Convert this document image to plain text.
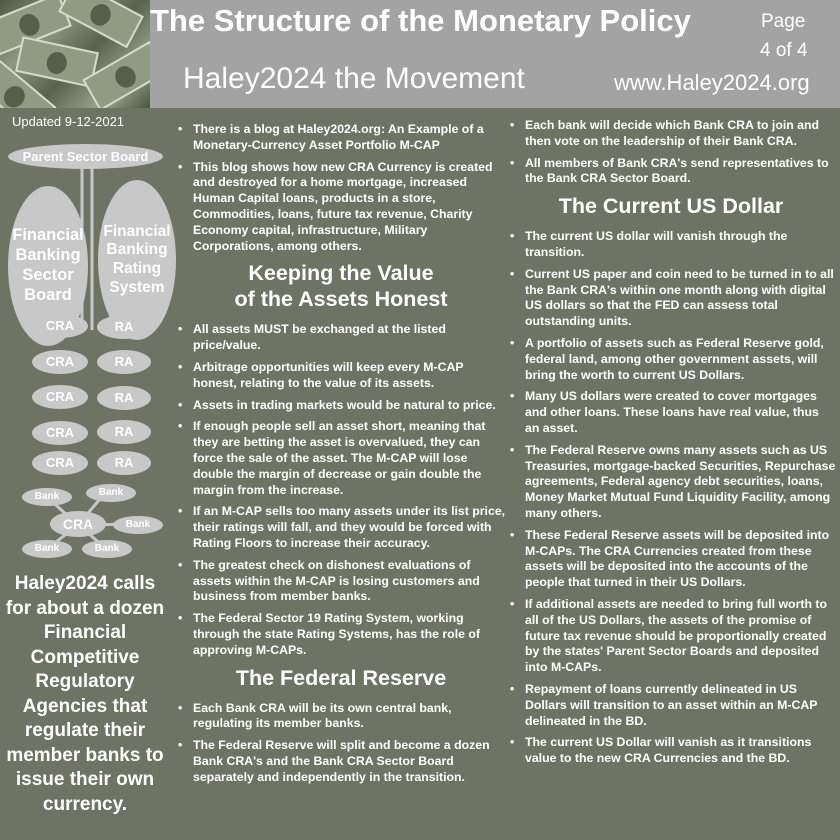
The Structure of the Monetary Policy	Page
4 of 4
Haley2024 the Movement	www.Haley2024.org
Updated 9-12-2021
Parent Sector Board
Financial
Banking
Sector
Board
Financial
Banking
Rating
System
CRA	RA
CRA	RA
CRA	RA
CRA	RA
CRA	RA
CRA
Bank	Bank
Bank
Bank	Bank
Haley2024 calls for about a dozen Financial Competitive Regulatory Agencies that regulate their member banks to issue their own currency.
• There is a blog at Haley2024.org: An Example of a Monetary-Currency Asset Portfolio M-CAP
• This blog shows how new CRA Currency is created and destroyed for a home mortgage, increased Human Capital loans, products in a store, Commodities, loans, future tax revenue, Charity Economy capital, infrastructure, Military Corporations, among others.
Keeping the Value
of the Assets Honest
• All assets MUST be exchanged at the listed price/value.
• Arbitrage opportunities will keep every M-CAP honest, relating to the value of its assets.
• Assets in trading markets would be natural to price.
• If enough people sell an asset short, meaning that they are betting the asset is overvalued, they can force the sale of the asset. The M-CAP will lose double the margin of decrease or gain double the margin from the increase.
• If an M-CAP sells too many assets under its list price, their ratings will fall, and they would be forced with Rating Floors to increase their accuracy.
• The greatest check on dishonest evaluations of assets within the M-CAP is losing customers and business from member banks.
• The Federal Sector 19 Rating System, working through the state Rating Systems, has the role of approving M-CAPs.
The Federal Reserve
• Each Bank CRA will be its own central bank, regulating its member banks.
• The Federal Reserve will split and become a dozen Bank CRA's and the Bank CRA Sector Board separately and independently in the transition.
• Each bank will decide which Bank CRA to join and then vote on the leadership of their Bank CRA.
• All members of Bank CRA's send representatives to the Bank CRA Sector Board.
The Current US Dollar
• The current US dollar will vanish through the transition.
• Current US paper and coin need to be turned in to all the Bank CRA's within one month along with digital US dollars so that the FED can assess total outstanding units.
• A portfolio of assets such as Federal Reserve gold, federal land, among other government assets, will bring the worth to current US Dollars.
• Many US dollars were created to cover mortgages and other loans. These loans have real value, thus an asset.
• The Federal Reserve owns many assets such as US Treasuries, mortgage-backed Securities, Repurchase agreements, Federal agency debt securities, loans, Money Market Mutual Fund Liquidity Facility, among many others.
• These Federal Reserve assets will be deposited into M-CAPs. The CRA Currencies created from these assets will be deposited into the accounts of the people that turned in their US Dollars.
• If additional assets are needed to bring full worth to all of the US Dollars, the assets of the promise of future tax revenue should be proportionally created by the states' Parent Sector Boards and deposited into M-CAPs.
• Repayment of loans currently delineated in US Dollars will transition to an asset within an M-CAP delineated in the BD.
• The current US Dollar will vanish as it transitions value to the new CRA Currencies and the BD.
